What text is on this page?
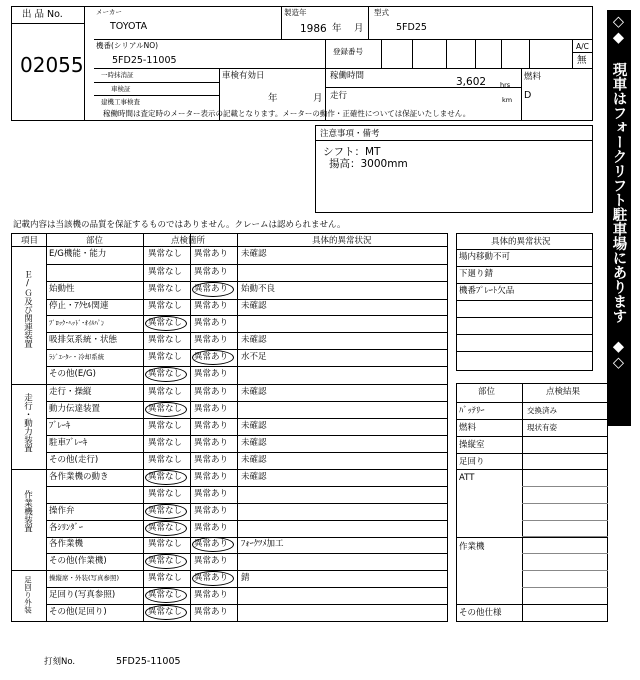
出 品 No.
02055
メーカー
TOYOTA
製造年
1986 年 月
型式
5FD25
機番(シリアルNO)
5FD25-11005
登録番号
A/C
無
一時抹消証
車検証
建機工事検査
車検有効日
年	月
稼働時間	3,602 hrs
走行	km
燃料
D
稼働時間は査定時のメーター表示の記載となります。メーターの動作・正確性については保証いたしません。
注意事項・備考
シフト：MT
揚高：3000mm
記載内容は当該機の品質を保証するものではありません。クレームは認められません。
項目	部位	点検箇所	具体的異常状況
Ｅ/Ｇ及び関連装置
走行・動力装置
作業機装置
足回り外装
E/G機能・能力	異常なし 異常あり 未確認
異常なし 異常あり
始動性	異常なし 異常あり 始動不良
停止・ｱｸｾﾙ関連	異常なし 異常あり 未確認
ﾌﾞﾛｯｸ･ﾍｯﾄﾞ･ｵｲﾙﾊﾟﾝ	異常なし 異常あり
吸排気系統・状態	異常なし 異常あり 未確認
ﾗｼﾞｴｰﾀｰ・冷却系統	異常なし 異常あり 水不足
その他(E/G)	異常なし 異常あり
走行・操縦	異常なし 異常あり 未確認
動力伝達装置	異常なし 異常あり
ﾌﾞﾚｰｷ	異常なし 異常あり 未確認
駐車ﾌﾞﾚｰｷ	異常なし 異常あり 未確認
その他(走行)	異常なし 異常あり 未確認
各作業機の動き	異常なし 異常あり 未確認
異常なし 異常あり
操作弁	異常なし 異常あり
各ｼﾘﾝﾀﾞｰ	異常なし 異常あり
各作業機	異常なし 異常あり ﾌｫｰｸﾂﾒ加工
その他(作業機)	異常なし 異常あり
操縦席・外装(写真参照)	異常なし 異常あり 錆
足回り(写真参照)	異常なし 異常あり
その他(足回り)	異常なし 異常あり
具体的異常状況
場内移動不可
下廻り錆
機番ﾌﾟﾚｰﾄ欠品
部位	点検結果
ﾊﾞｯﾃﾘｰ	交換済み
燃料	現状有姿
操縦室
足回り
ATT
作業機
その他仕様
打刻No.	5FD25-11005
◇◆ 現車はフォークリフト駐車場にあります ◆◇
